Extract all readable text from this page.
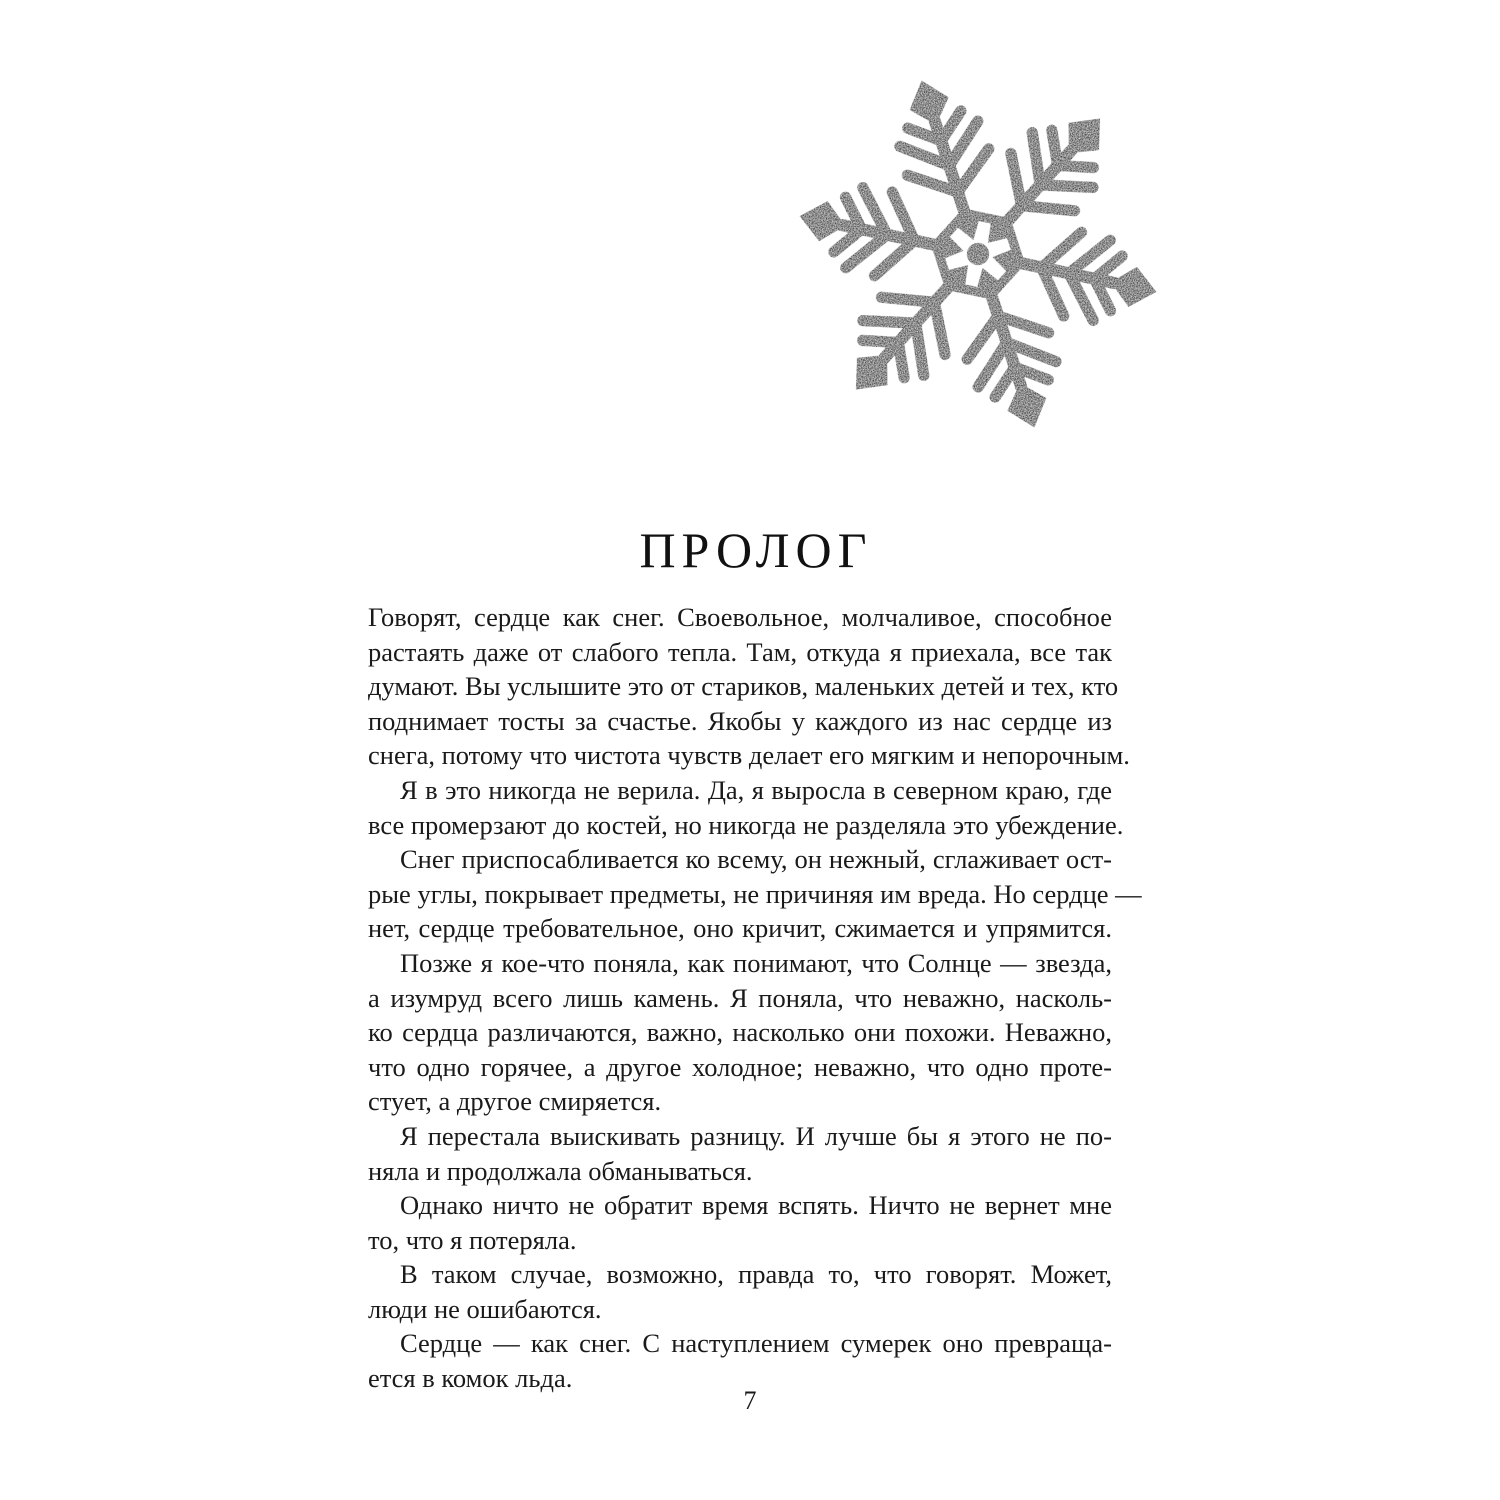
ПРОЛОГ
Говорят, сердце как снег. Своевольное, молчаливое, способное
растаять даже от слабого тепла. Там, откуда я приехала, все так
думают. Вы услышите это от стариков, маленьких детей и тех, кто
поднимает тосты за счастье. Якобы у каждого из нас сердце из
снега, потому что чистота чувств делает его мягким и непорочным.
Я в это никогда не верила. Да, я выросла в северном краю, где
все промерзают до костей, но никогда не разделяла это убеждение.
Снег приспосабливается ко всему, он нежный, сглаживает ост-
рые углы, покрывает предметы, не причиняя им вреда. Но сердце —
нет, сердце требовательное, оно кричит, сжимается и упрямится.
Позже я кое-что поняла, как понимают, что Солнце — звезда,
а изумруд всего лишь камень. Я поняла, что неважно, насколь-
ко сердца различаются, важно, насколько они похожи. Неважно,
что одно горячее, а другое холодное; неважно, что одно проте-
стует, а другое смиряется.
Я перестала выискивать разницу. И лучше бы я этого не по-
няла и продолжала обманываться.
Однако ничто не обратит время вспять. Ничто не вернет мне
то, что я потеряла.
В таком случае, возможно, правда то, что говорят. Может,
люди не ошибаются.
Сердце — как снег. С наступлением сумерек оно превраща-
ется в комок льда.
7
